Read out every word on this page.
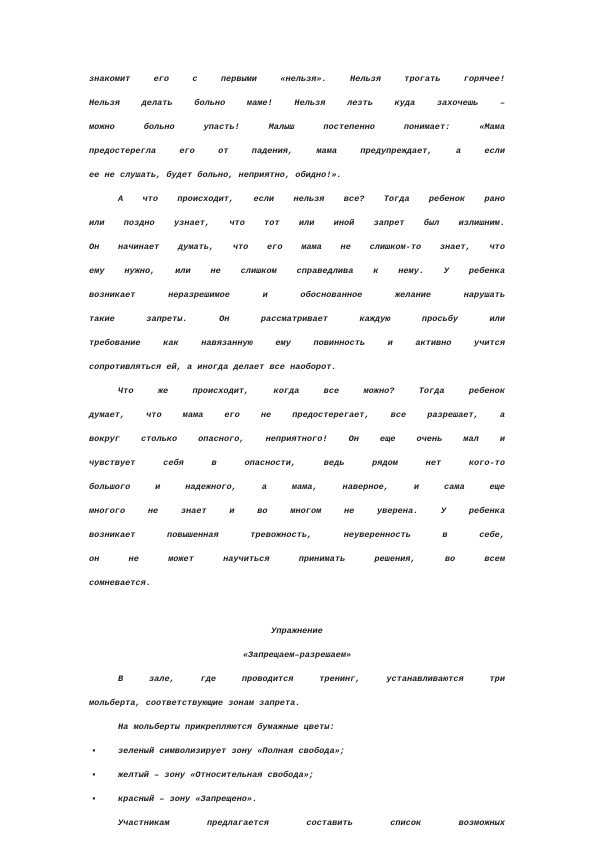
знакомит его с первыми «нельзя». Нельзя трогать горячее!
Нельзя делать больно маме! Нельзя лезть куда захочешь –
можно больно упасть! Малыш постепенно понимает: «Мама
предостерегла его от падения, мама предупреждает, а если
ее не слушать, будет больно, неприятно, обидно!».
А что происходит, если нельзя все? Тогда ребенок рано
или поздно узнает, что тот или иной запрет был излишним.
Он начинает думать, что его мама не слишком-то знает, что
ему нужно, или не слишком справедлива к нему. У ребенка
возникает неразрешимое и обоснованное желание нарушать
такие запреты. Он рассматривает каждую просьбу или
требование как навязанную ему повинность и активно учится
сопротивляться ей, а иногда делает все наоборот.
Что же происходит, когда все можно? Тогда ребенок
думает, что мама его не предостерегает, все разрешает, а
вокруг столько опасного, неприятного! Он еще очень мал и
чувствует себя в опасности, ведь рядом нет кого-то
большого и надежного, а мама, наверное, и сама еще
многого не знает и во многом не уверена. У ребенка
возникает повышенная тревожность, неуверенность в себе,
он не может научиться принимать решения, во всем
сомневается.
Упражнение
«Запрещаем–разрешаем»
В зале, где проводится тренинг, устанавливаются три
мольберта, соответствующие зонам запрета.
На мольберты прикрепляются бумажные цветы:
▪ зеленый символизирует зону «Полная свобода»;
▪ желтый – зону «Относительная свобода»;
▪ красный – зону «Запрещено».
Участникам предлагается составить список возможных
